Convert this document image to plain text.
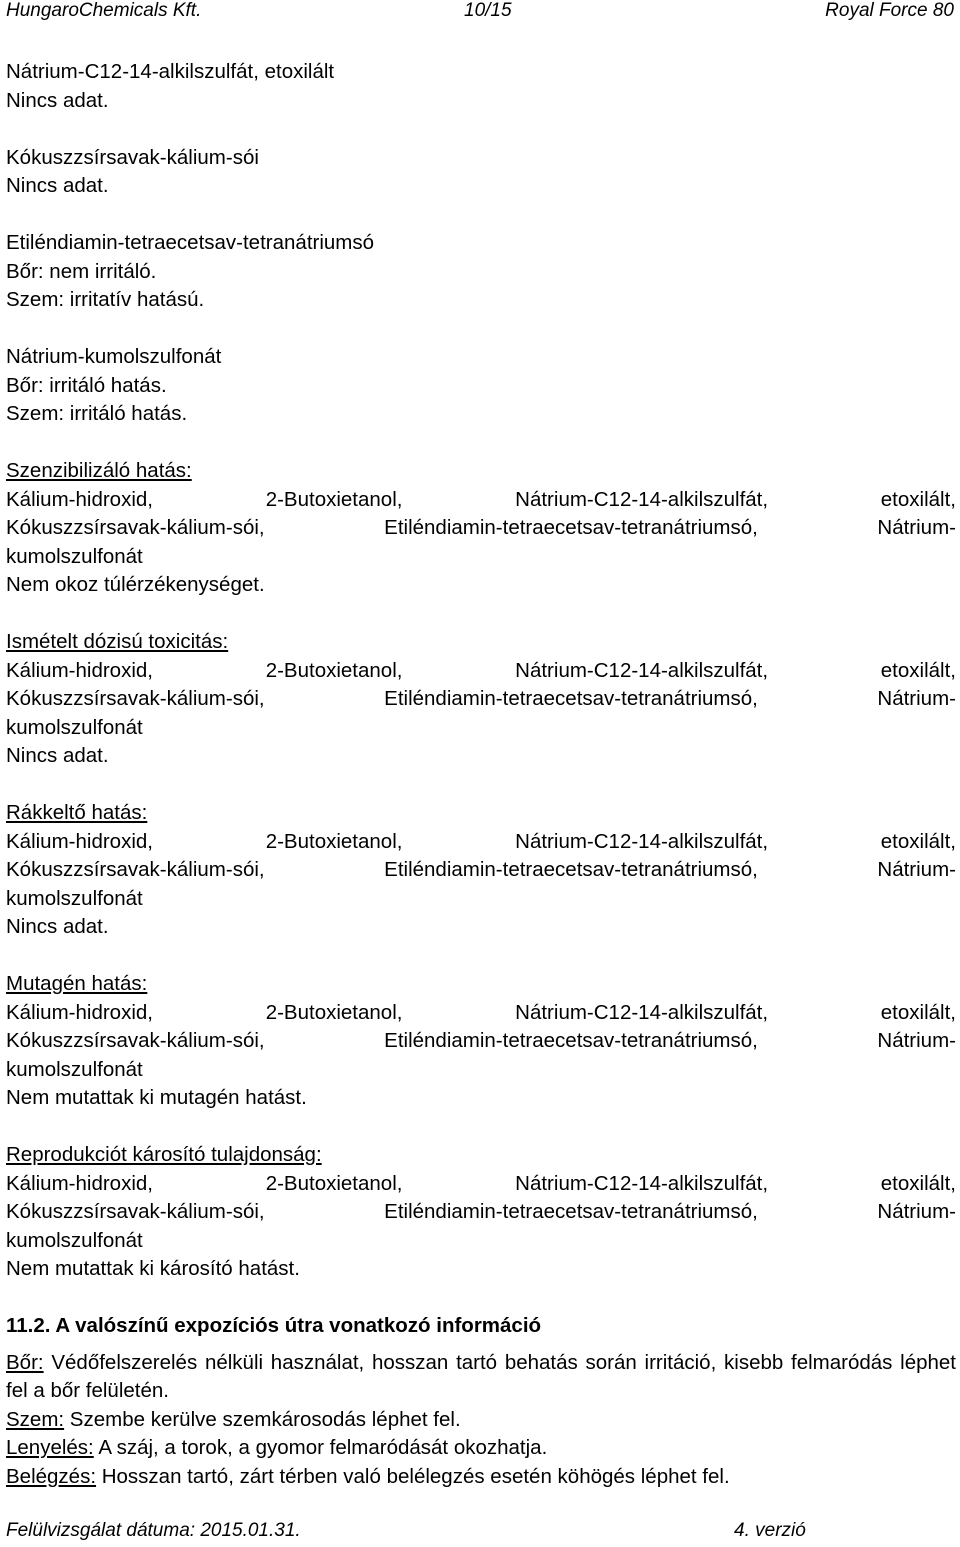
HungaroChemicals Kft.	10/15	Royal Force 80

Nátrium-C12-14-alkilszulfát, etoxilált

Nincs adat.

Kókuszzsírsavak-kálium-sói

Nincs adat.

Etiléndiamin-tetraecetsav-tetranátriumsó

Bőr: nem irritáló.

Szem: irritatív hatású.

Nátrium-kumolszulfonát

Bőr: irritáló hatás.

Szem: irritáló hatás.

Szenzibilizáló hatás:

Kálium-hidroxid, 2-Butoxietanol, Nátrium-C12-14-alkilszulfát, etoxilált,

Kókuszzsírsavak-kálium-sói, Etiléndiamin-tetraecetsav-tetranátriumsó, Nátrium-

kumolszulfonát

Nem okoz túlérzékenységet.

Ismételt dózisú toxicitás:

Kálium-hidroxid, 2-Butoxietanol, Nátrium-C12-14-alkilszulfát, etoxilált,

Kókuszzsírsavak-kálium-sói, Etiléndiamin-tetraecetsav-tetranátriumsó, Nátrium-

kumolszulfonát

Nincs adat.

Rákkeltő hatás:

Kálium-hidroxid, 2-Butoxietanol, Nátrium-C12-14-alkilszulfát, etoxilált,

Kókuszzsírsavak-kálium-sói, Etiléndiamin-tetraecetsav-tetranátriumsó, Nátrium-

kumolszulfonát

Nincs adat.

Mutagén hatás:

Kálium-hidroxid, 2-Butoxietanol, Nátrium-C12-14-alkilszulfát, etoxilált,

Kókuszzsírsavak-kálium-sói, Etiléndiamin-tetraecetsav-tetranátriumsó, Nátrium-

kumolszulfonát

Nem mutattak ki mutagén hatást.

Reprodukciót károsító tulajdonság:

Kálium-hidroxid, 2-Butoxietanol, Nátrium-C12-14-alkilszulfát, etoxilált,

Kókuszzsírsavak-kálium-sói, Etiléndiamin-tetraecetsav-tetranátriumsó, Nátrium-

kumolszulfonát

Nem mutattak ki károsító hatást.

11.2. A valószínű expozíciós útra vonatkozó információ

Bőr: Védőfelszerelés nélküli használat, hosszan tartó behatás során irritáció, kisebb felmaródás léphet fel a bőr felületén.

Szem: Szembe kerülve szemkárosodás léphet fel.

Lenyelés: A száj, a torok, a gyomor felmaródását okozhatja.

Belégzés: Hosszan tartó, zárt térben való belélegzés esetén köhögés léphet fel.

Felülvizsgálat dátuma: 2015.01.31.	4. verzió
